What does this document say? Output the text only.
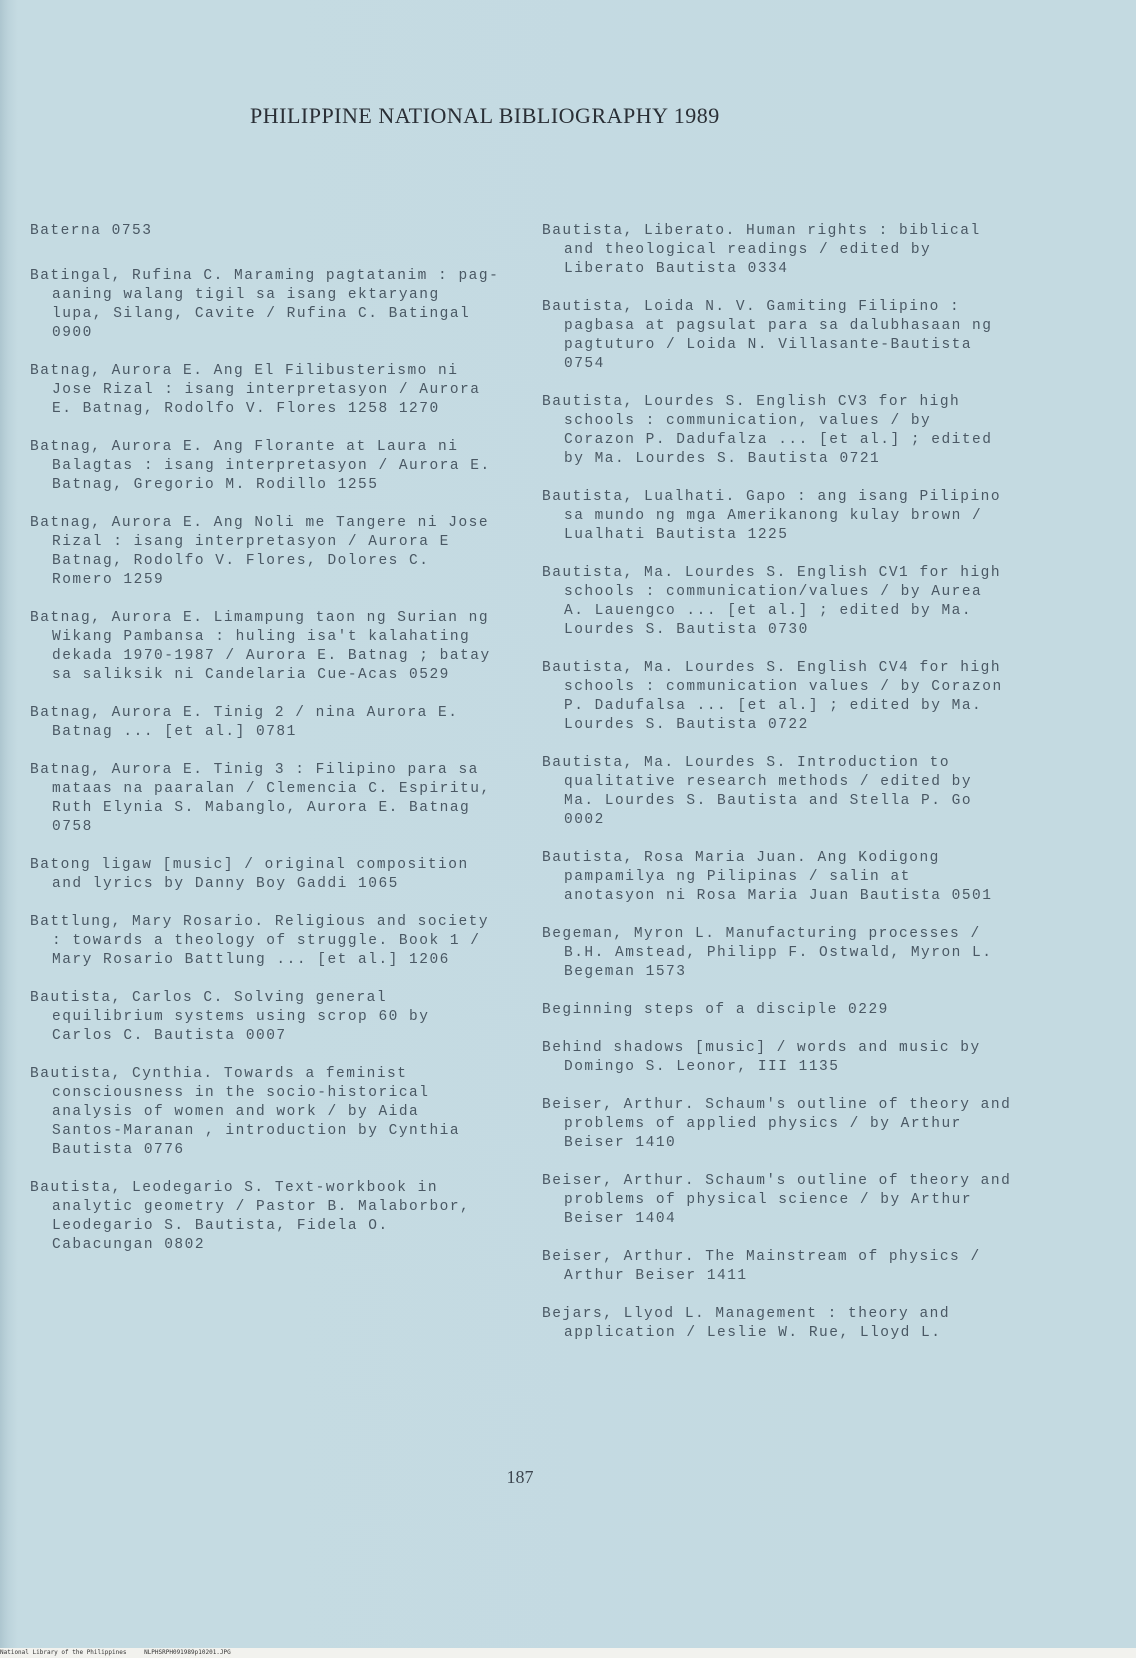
PHILIPPINE NATIONAL BIBLIOGRAPHY 1989

Baterna 0753

Batingal, Rufina C. Maraming pagtatanim : pag-aaning walang tigil sa isang ektaryang lupa, Silang, Cavite / Rufina C. Batingal 0900

Batnag, Aurora E. Ang El Filibusterismo ni Jose Rizal : isang interpretasyon / Aurora E. Batnag, Rodolfo V. Flores 1258 1270

Batnag, Aurora E. Ang Florante at Laura ni Balagtas : isang interpretasyon / Aurora E. Batnag, Gregorio M. Rodillo 1255

Batnag, Aurora E. Ang Noli me Tangere ni Jose Rizal : isang interpretasyon / Aurora E Batnag, Rodolfo V. Flores, Dolores C. Romero 1259

Batnag, Aurora E. Limampung taon ng Surian ng Wikang Pambansa : huling isa't kalahating dekada 1970-1987 / Aurora E. Batnag ; batay sa saliksik ni Candelaria Cue-Acas 0529

Batnag, Aurora E. Tinig 2 / nina Aurora E. Batnag ... [et al.] 0781

Batnag, Aurora E. Tinig 3 : Filipino para sa mataas na paaralan / Clemencia C. Espiritu, Ruth Elynia S. Mabanglo, Aurora E. Batnag 0758

Batong ligaw [music] / original composition and lyrics by Danny Boy Gaddi 1065

Battlung, Mary Rosario. Religious and society : towards a theology of struggle. Book 1 / Mary Rosario Battlung ... [et al.] 1206

Bautista, Carlos C. Solving general equilibrium systems using scrop 60 by Carlos C. Bautista 0007

Bautista, Cynthia. Towards a feminist consciousness in the socio-historical analysis of women and work / by Aida Santos-Maranan , introduction by Cynthia Bautista 0776

Bautista, Leodegario S. Text-workbook in analytic geometry / Pastor B. Malaborbor, Leodegario S. Bautista, Fidela O. Cabacungan 0802

Bautista, Liberato. Human rights : biblical and theological readings / edited by Liberato Bautista 0334

Bautista, Loida N. V. Gamiting Filipino : pagbasa at pagsulat para sa dalubhasaan ng pagtuturo / Loida N. Villasante-Bautista 0754

Bautista, Lourdes S. English CV3 for high schools : communication, values / by Corazon P. Dadufalza ... [et al.] ; edited by Ma. Lourdes S. Bautista 0721

Bautista, Lualhati. Gapo : ang isang Pilipino sa mundo ng mga Amerikanong kulay brown / Lualhati Bautista 1225

Bautista, Ma. Lourdes S. English CV1 for high schools : communication/values / by Aurea A. Lauengco ... [et al.] ; edited by Ma. Lourdes S. Bautista 0730

Bautista, Ma. Lourdes S. English CV4 for high schools : communication values / by Corazon P. Dadufalsa ... [et al.] ; edited by Ma. Lourdes S. Bautista 0722

Bautista, Ma. Lourdes S. Introduction to qualitative research methods / edited by Ma. Lourdes S. Bautista and Stella P. Go 0002

Bautista, Rosa Maria Juan. Ang Kodigong pampamilya ng Pilipinas / salin at anotasyon ni Rosa Maria Juan Bautista 0501

Begeman, Myron L. Manufacturing processes / B.H. Amstead, Philipp F. Ostwald, Myron L. Begeman 1573

Beginning steps of a disciple 0229

Behind shadows [music] / words and music by Domingo S. Leonor, III 1135

Beiser, Arthur. Schaum's outline of theory and problems of applied physics / by Arthur Beiser 1410

Beiser, Arthur. Schaum's outline of theory and problems of physical science / by Arthur Beiser 1404

Beiser, Arthur. The Mainstream of physics / Arthur Beiser 1411

Bejars, Llyod L. Management : theory and application / Leslie W. Rue, Lloyd L.

187
National Library of the Philippines	NLPHSRPH091989p10201.JPG
